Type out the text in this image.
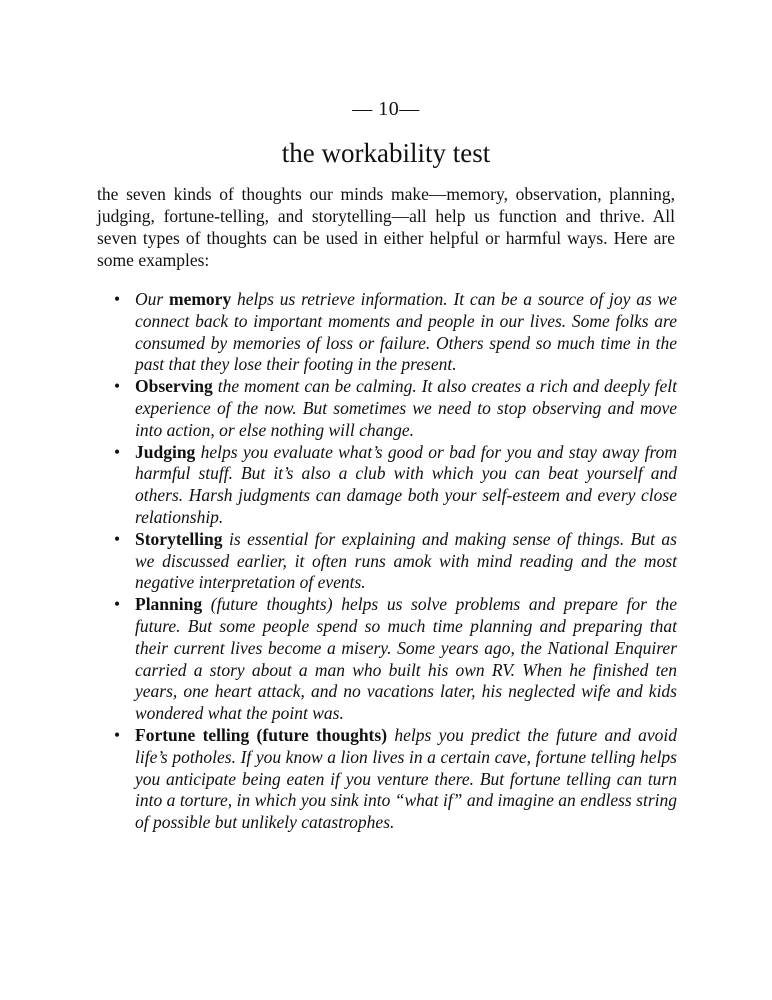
— 10—
the workability test

the seven kinds of thoughts our minds make—memory, observation, planning, judging, fortune-telling, and storytelling—all help us function and thrive. All seven types of thoughts can be used in either helpful or harmful ways. Here are some examples:

• Our memory helps us retrieve information. It can be a source of joy as we connect back to important moments and people in our lives. Some folks are consumed by memories of loss or failure. Others spend so much time in the past that they lose their footing in the present.
• Observing the moment can be calming. It also creates a rich and deeply felt experience of the now. But sometimes we need to stop observing and move into action, or else nothing will change.
• Judging helps you evaluate what’s good or bad for you and stay away from harmful stuff. But it’s also a club with which you can beat yourself and others. Harsh judgments can damage both your self-esteem and every close relationship.
• Storytelling is essential for explaining and making sense of things. But as we discussed earlier, it often runs amok with mind reading and the most negative interpretation of events.
• Planning (future thoughts) helps us solve problems and prepare for the future. But some people spend so much time planning and preparing that their current lives become a misery. Some years ago, the National Enquirer carried a story about a man who built his own RV. When he finished ten years, one heart attack, and no vacations later, his neglected wife and kids wondered what the point was.
• Fortune telling (future thoughts) helps you predict the future and avoid life’s potholes. If you know a lion lives in a certain cave, fortune telling helps you anticipate being eaten if you venture there. But fortune telling can turn into a torture, in which you sink into “what if” and imagine an endless string of possible but unlikely catastrophes.
